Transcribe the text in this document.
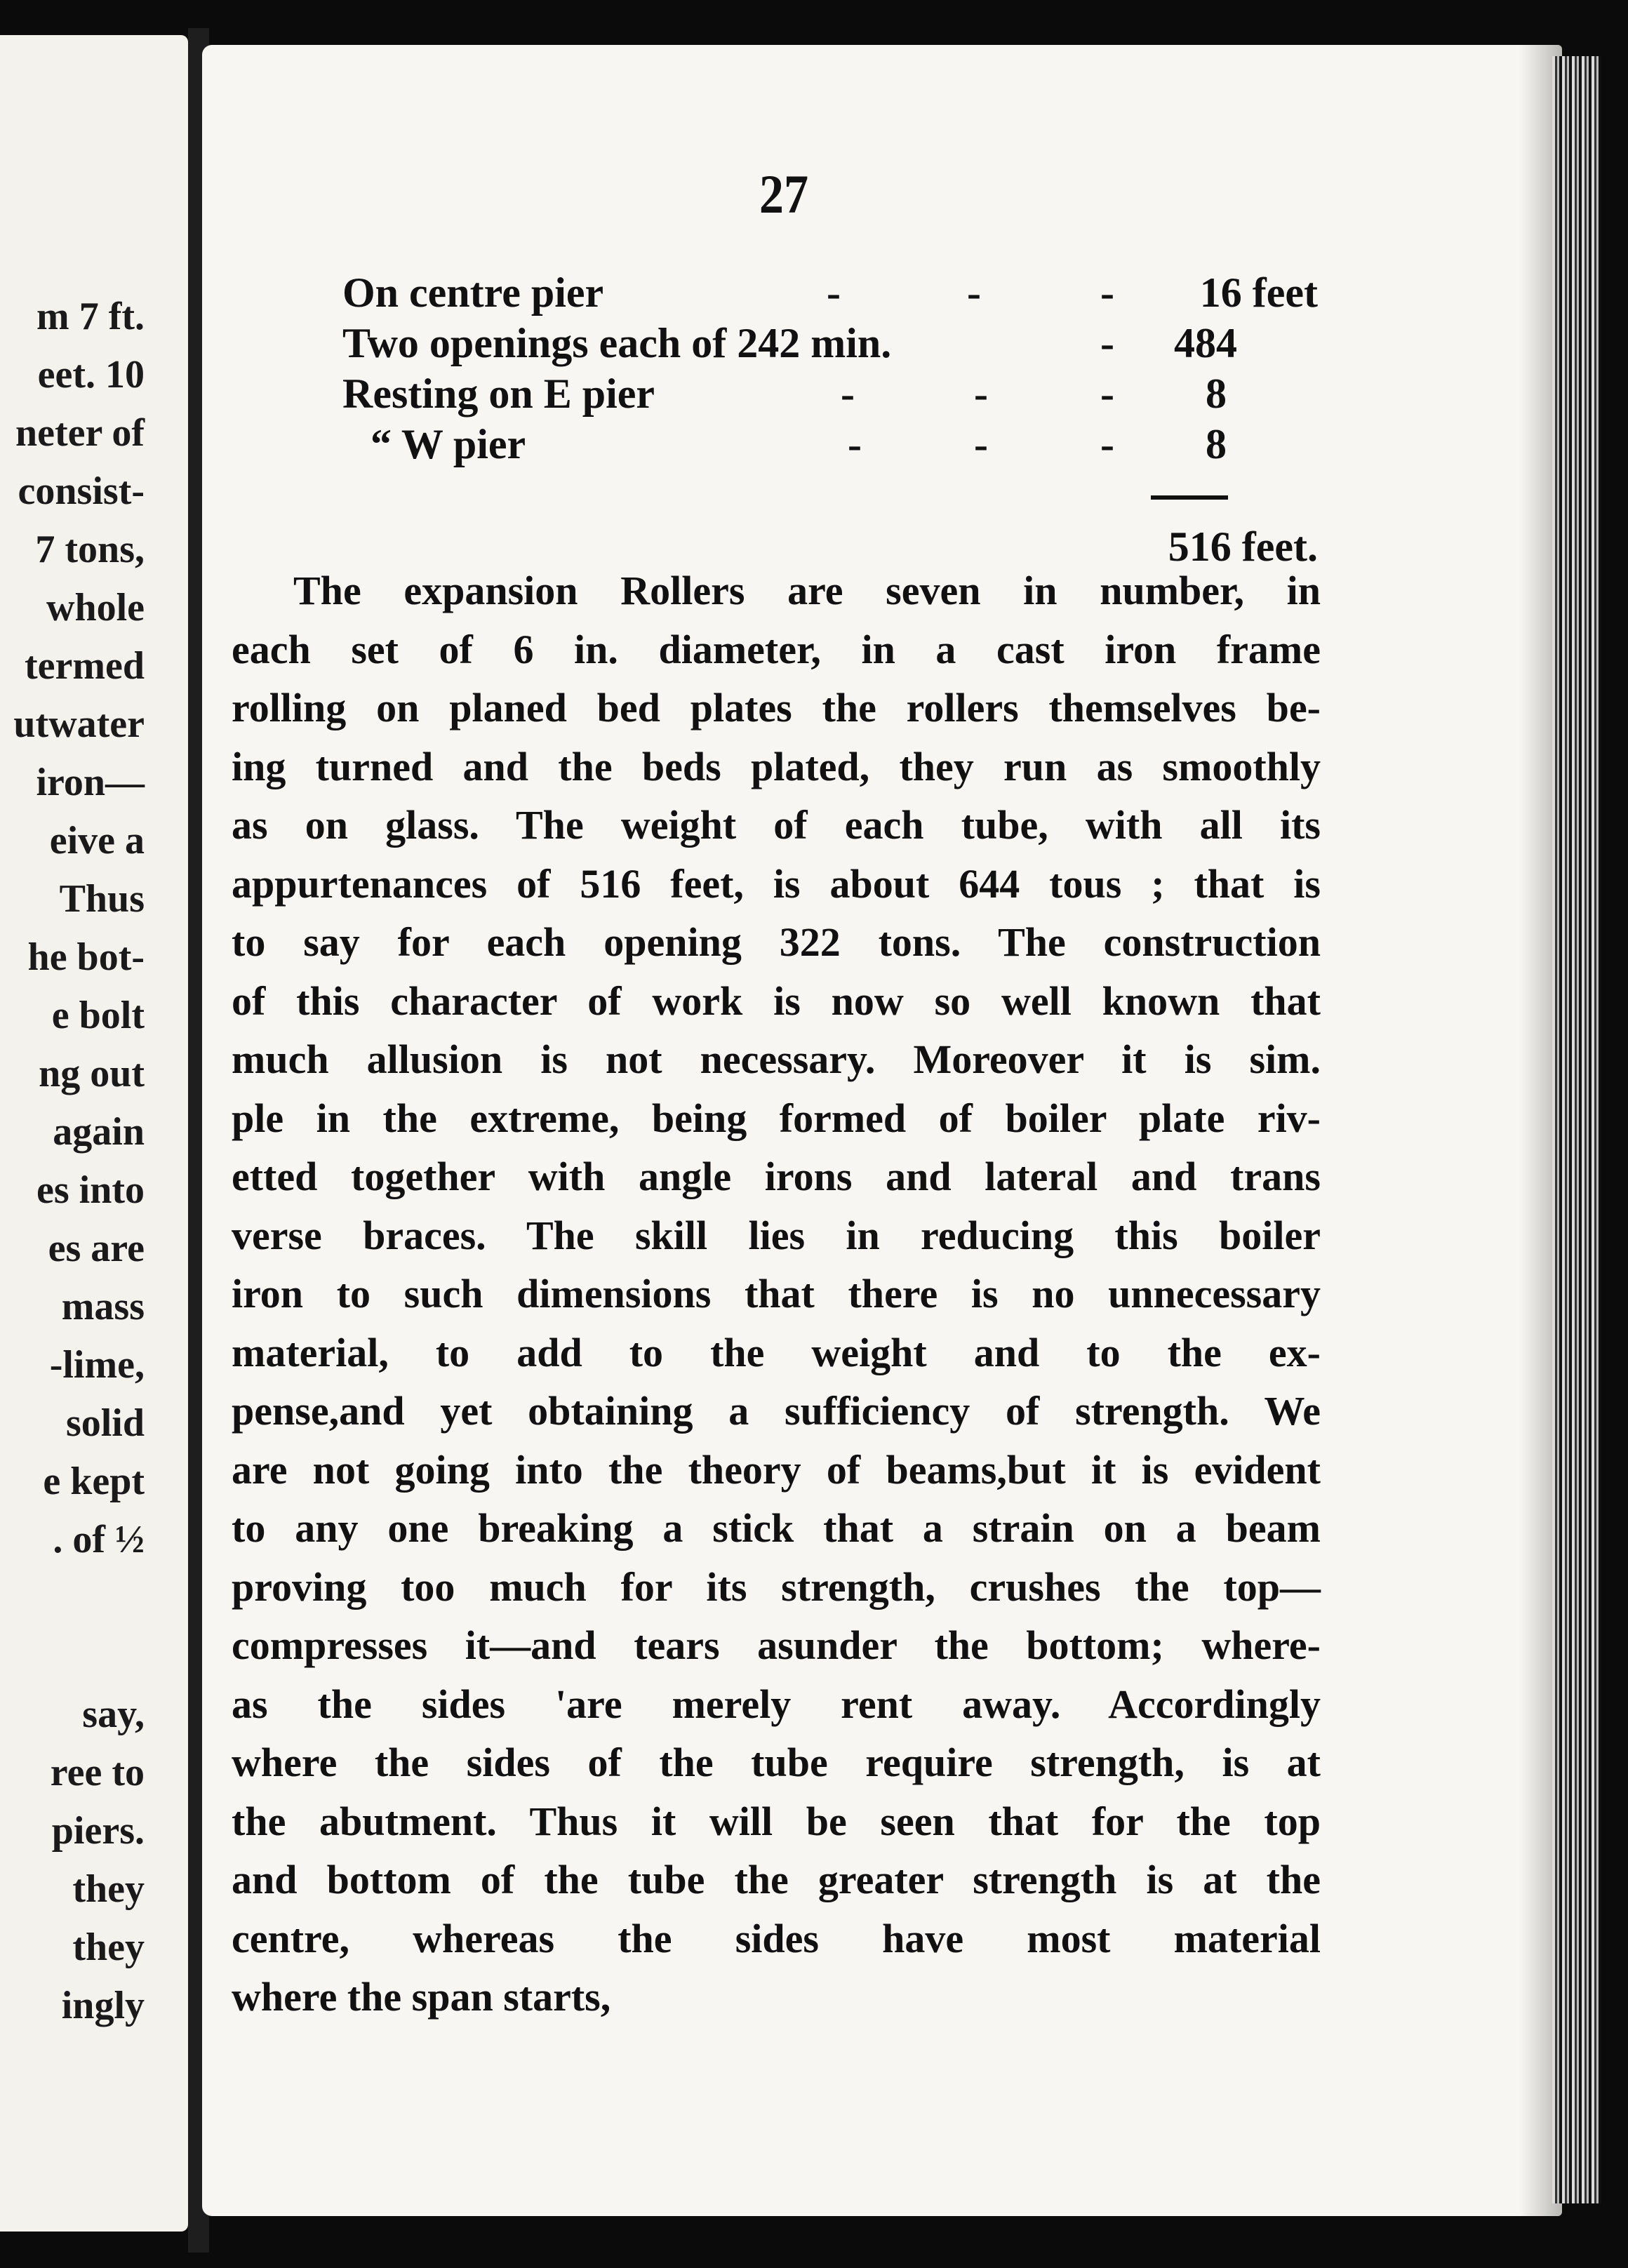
m 7 ft.
eet. 10
neter of
consist-
7 tons,
whole
termed
utwater
iron—
eive a
Thus
he bot-
e bolt
ng out
again
es into
es are
mass
-lime,
solid
e kept
. of ½
say,
ree to
piers.
they
they
ingly
27
On centre pier	-	-	- 16 feet
Two openings each of 242 min.	- 484
Resting on E pier	-	-	- 8
“ W pier	-	-	- 8
516 feet.
The expansion Rollers are seven in number, in
each set of 6 in. diameter, in a cast iron frame
rolling on planed bed plates the rollers themselves be-
ing turned and the beds plated, they run as smoothly
as on glass. The weight of each tube, with all its
appurtenances of 516 feet, is about 644 tous ; that is
to say for each opening 322 tons. The construction
of this character of work is now so well known that
much allusion is not necessary. Moreover it is sim.
ple in the extreme, being formed of boiler plate riv-
etted together with angle irons and lateral and trans
verse braces. The skill lies in reducing this boiler
iron to such dimensions that there is no unnecessary
material, to add to the weight and to the ex-
pense,and yet obtaining a sufficiency of strength. We
are not going into the theory of beams,but it is evident
to any one breaking a stick that a strain on a beam
proving too much for its strength, crushes the top—
compresses it—and tears asunder the bottom; where-
as the sides 'are merely rent away. Accordingly
where the sides of the tube require strength, is at
the abutment. Thus it will be seen that for the top
and bottom of the tube the greater strength is at the
centre, whereas the sides have most material
where the span starts,
